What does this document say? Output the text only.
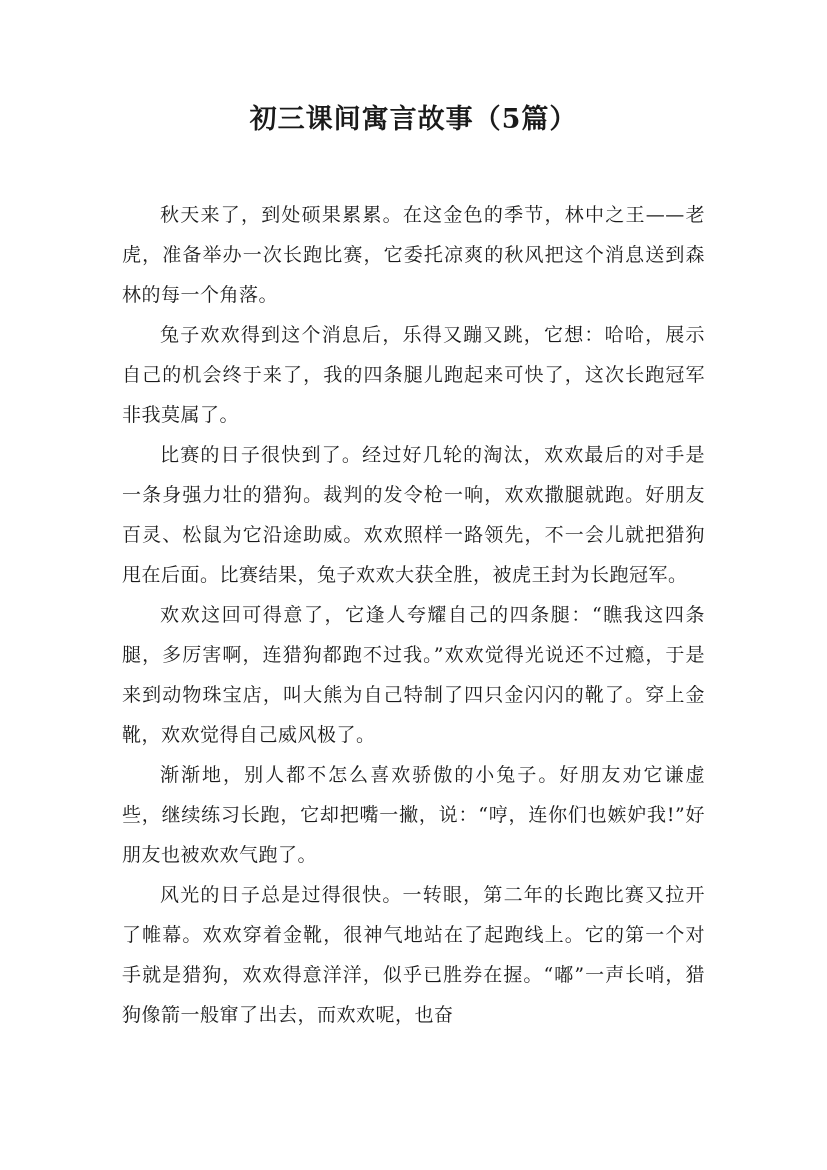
初三课间寓言故事（5篇）

秋天来了，到处硕果累累。在这金色的季节，林中之王——老虎，准备举办一次长跑比赛，它委托凉爽的秋风把这个消息送到森林的每一个角落。

兔子欢欢得到这个消息后，乐得又蹦又跳，它想：哈哈，展示自己的机会终于来了，我的四条腿儿跑起来可快了，这次长跑冠军非我莫属了。

比赛的日子很快到了。经过好几轮的淘汰，欢欢最后的对手是一条身强力壮的猎狗。裁判的发令枪一响，欢欢撒腿就跑。好朋友百灵、松鼠为它沿途助威。欢欢照样一路领先，不一会儿就把猎狗甩在后面。比赛结果，兔子欢欢大获全胜，被虎王封为长跑冠军。

欢欢这回可得意了，它逢人夸耀自己的四条腿：“瞧我这四条腿，多厉害啊，连猎狗都跑不过我。”欢欢觉得光说还不过瘾，于是来到动物珠宝店，叫大熊为自己特制了四只金闪闪的靴了。穿上金靴，欢欢觉得自己威风极了。

渐渐地，别人都不怎么喜欢骄傲的小兔子。好朋友劝它谦虚些，继续练习长跑，它却把嘴一撇，说：“哼，连你们也嫉妒我!”好朋友也被欢欢气跑了。

风光的日子总是过得很快。一转眼，第二年的长跑比赛又拉开了帷幕。欢欢穿着金靴，很神气地站在了起跑线上。它的第一个对手就是猎狗，欢欢得意洋洋，似乎已胜券在握。“嘟”一声长哨，猎狗像箭一般窜了出去，而欢欢呢，也奋
